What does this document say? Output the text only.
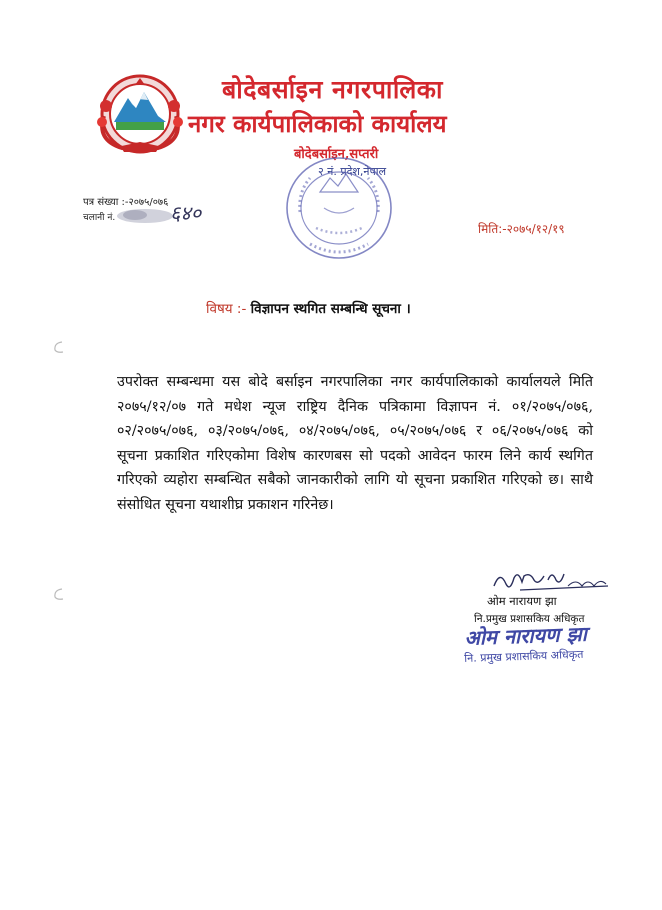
बोदेबर्साइन नगरपालिका
नगर कार्यपालिकाको कार्यालय
बोदेबर्साइन,सप्तरी
२ नं. प्रदेश,नेपाल
पत्र संख्या :-२०७५/०७६
चलानी नं.	६४०
मिति:-२०७५/१२/१९
विषय :- विज्ञापन स्थगित सम्बन्धि सूचना ।
उपरोक्त सम्बन्धमा यस बोदे बर्साइन नगरपालिका नगर कार्यपालिकाको कार्यालयले मिति २०७५/१२/०७ गते मधेश न्यूज राष्ट्रिय दैनिक पत्रिकामा विज्ञापन नं. ०१/२०७५/०७६, ०२/२०७५/०७६, ०३/२०७५/०७६, ०४/२०७५/०७६, ०५/२०७५/०७६ र ०६/२०७५/०७६ को सूचना प्रकाशित गरिएकोमा विशेष कारणबस सो पदको आवेदन फारम लिने कार्य स्थगित गरिएको व्यहोरा सम्बन्धित सबैको जानकारीको लागि यो सूचना प्रकाशित गरिएको छ। साथै संसोधित सूचना यथाशीघ्र प्रकाशन गरिनेछ।
ओम नारायण झा
नि.प्रमुख प्रशासकिय अधिकृत
ओम नारायण झा
नि. प्रमुख प्रशासकिय अधिकृत
